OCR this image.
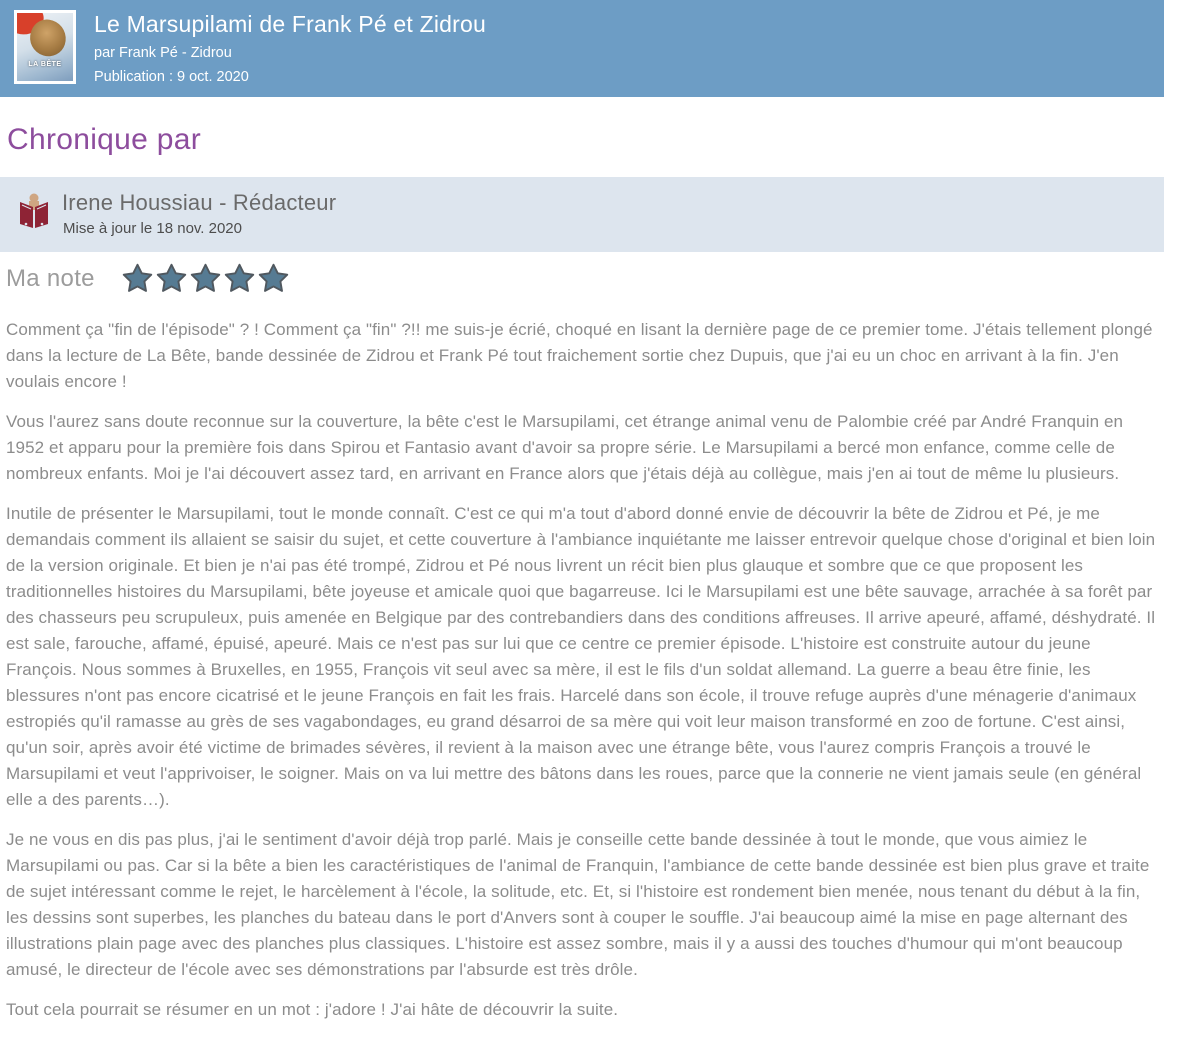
LA BÊTE
Le Marsupilami de Frank Pé et Zidrou
par Frank Pé - Zidrou
Publication : 9 oct. 2020
Chronique par
Irene Houssiau - Rédacteur
Mise à jour le 18 nov. 2020
Ma note

Comment ça "fin de l'épisode" ? ! Comment ça "fin" ?!! me suis-je écrié, choqué en lisant la dernière page de ce premier tome. J'étais tellement plongé dans la lecture de La Bête, bande dessinée de Zidrou et Frank Pé tout fraichement sortie chez Dupuis, que j'ai eu un choc en arrivant à la fin. J'en voulais encore !

Vous l'aurez sans doute reconnue sur la couverture, la bête c'est le Marsupilami, cet étrange animal venu de Palombie créé par André Franquin en 1952 et apparu pour la première fois dans Spirou et Fantasio avant d'avoir sa propre série. Le Marsupilami a bercé mon enfance, comme celle de nombreux enfants. Moi je l'ai découvert assez tard, en arrivant en France alors que j'étais déjà au collègue, mais j'en ai tout de même lu plusieurs.

Inutile de présenter le Marsupilami, tout le monde connaît. C'est ce qui m'a tout d'abord donné envie de découvrir la bête de Zidrou et Pé, je me demandais comment ils allaient se saisir du sujet, et cette couverture à l'ambiance inquiétante me laisser entrevoir quelque chose d'original et bien loin de la version originale. Et bien je n'ai pas été trompé, Zidrou et Pé nous livrent un récit bien plus glauque et sombre que ce que proposent les traditionnelles histoires du Marsupilami, bête joyeuse et amicale quoi que bagarreuse. Ici le Marsupilami est une bête sauvage, arrachée à sa forêt par des chasseurs peu scrupuleux, puis amenée en Belgique par des contrebandiers dans des conditions affreuses. Il arrive apeuré, affamé, déshydraté. Il est sale, farouche, affamé, épuisé, apeuré. Mais ce n'est pas sur lui que ce centre ce premier épisode. L'histoire est construite autour du jeune François. Nous sommes à Bruxelles, en 1955, François vit seul avec sa mère, il est le fils d'un soldat allemand. La guerre a beau être finie, les blessures n'ont pas encore cicatrisé et le jeune François en fait les frais. Harcelé dans son école, il trouve refuge auprès d'une ménagerie d'animaux estropiés qu'il ramasse au grès de ses vagabondages, eu grand désarroi de sa mère qui voit leur maison transformé en zoo de fortune. C'est ainsi, qu'un soir, après avoir été victime de brimades sévères, il revient à la maison avec une étrange bête, vous l'aurez compris François a trouvé le Marsupilami et veut l'apprivoiser, le soigner. Mais on va lui mettre des bâtons dans les roues, parce que la connerie ne vient jamais seule (en général elle a des parents…).

Je ne vous en dis pas plus, j'ai le sentiment d'avoir déjà trop parlé. Mais je conseille cette bande dessinée à tout le monde, que vous aimiez le Marsupilami ou pas. Car si la bête a bien les caractéristiques de l'animal de Franquin, l'ambiance de cette bande dessinée est bien plus grave et traite de sujet intéressant comme le rejet, le harcèlement à l'école, la solitude, etc. Et, si l'histoire est rondement bien menée, nous tenant du début à la fin, les dessins sont superbes, les planches du bateau dans le port d'Anvers sont à couper le souffle. J'ai beaucoup aimé la mise en page alternant des illustrations plain page avec des planches plus classiques. L'histoire est assez sombre, mais il y a aussi des touches d'humour qui m'ont beaucoup amusé, le directeur de l'école avec ses démonstrations par l'absurde est très drôle.

Tout cela pourrait se résumer en un mot : j'adore ! J'ai hâte de découvrir la suite.
